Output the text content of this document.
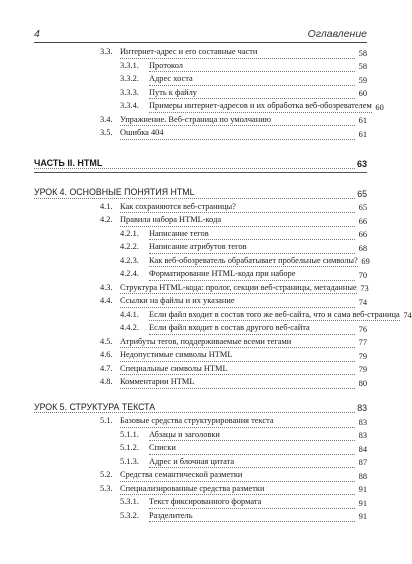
4	Оглавление
3.3. Интернет-адрес и его составные части	58
3.3.1.	Протокол	58
3.3.2.	Адрес хоста	59
3.3.3.	Путь к файлу	60
3.3.4.	Примеры интернет-адресов и их обработка веб-обозревателем 60
3.4. Упражнение. Веб-страница по умолчанию	61
3.5. Ошибка 404	61
ЧАСТЬ II. HTML	63
УРОК 4. ОСНОВНЫЕ ПОНЯТИЯ HTML	65
4.1. Как сохраняются веб-страницы?	65
4.2. Правила набора HTML-кода	66
4.2.1.	Написание тегов	66
4.2.2.	Написание атрибутов тегов	68
4.2.3.	Как веб-обозреватель обрабатывает пробельные символы? 69
4.2.4.	Форматирование HTML-кода при наборе	70
4.3. Структура HTML-кода: пролог, секции веб-страницы, метаданные 73
4.4. Ссылки на файлы и их указание	74
4.4.1.	Если файл входит в состав того же веб-сайта, что и сама веб-страница 74
4.4.2.	Если файл входит в состав другого веб-сайта	76
4.5. Атрибуты тегов, поддерживаемые всеми тегами	77
4.6. Недопустимые символы HTML	79
4.7. Специальные символы HTML	79
4.8. Комментарии HTML	80
УРОК 5. СТРУКТУРА ТЕКСТА	83
5.1. Базовые средства структурирования текста	83
5.1.1.	Абзацы и заголовки	83
5.1.2.	Списки	84
5.1.3.	Адрес и блочная цитата	87
5.2. Средства семантической разметки	88
5.3. Специализированные средства разметки	91
5.3.1.	Текст фиксированного формата	91
5.3.2.	Разделитель	91
